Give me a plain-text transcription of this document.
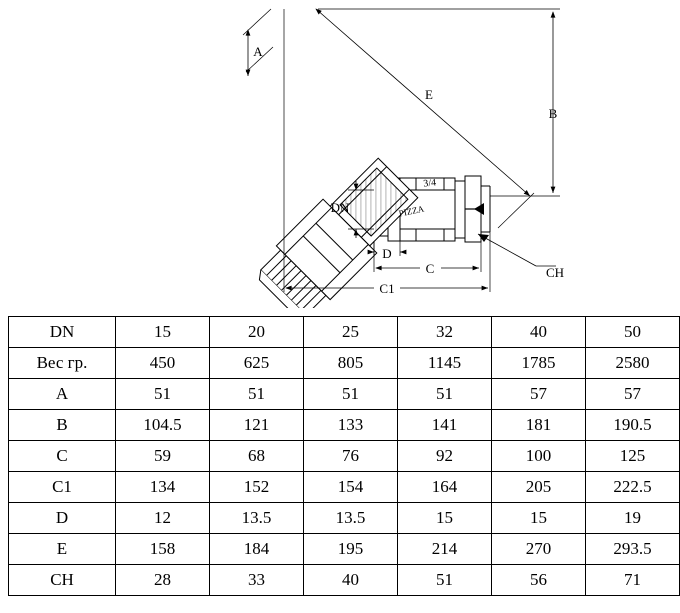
A
E
B
DN
D
C
C1
CH
3/4
PIZZA
DN	15	20	25	32	40	50
Вес гр.	450	625	805	1145	1785	2580
A	51	51	51	51	57	57
B	104.5	121	133	141	181	190.5
C	59	68	76	92	100	125
C1	134	152	154	164	205	222.5
D	12	13.5	13.5	15	15	19
E	158	184	195	214	270	293.5
CH	28	33	40	51	56	71
